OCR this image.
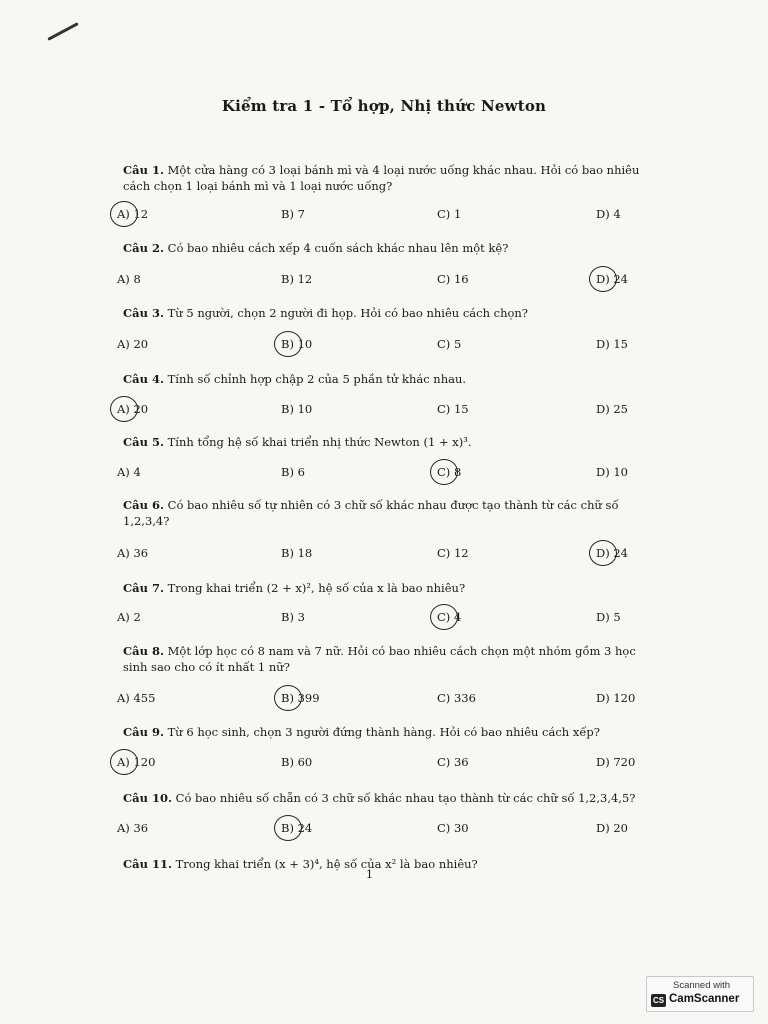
Kiểm tra 1 - Tổ hợp, Nhị thức Newton
Câu 1. Một cửa hàng có 3 loại bánh mì và 4 loại nước uống khác nhau. Hỏi có bao nhiêu cách chọn 1 loại bánh mì và 1 loại nước uống?
A) 12	B) 7	C) 1	D) 4
Câu 2. Có bao nhiêu cách xếp 4 cuốn sách khác nhau lên một kệ?
A) 8	B) 12	C) 16	D) 24
Câu 3. Từ 5 người, chọn 2 người đi họp. Hỏi có bao nhiêu cách chọn?
A) 20	B) 10	C) 5	D) 15
Câu 4. Tính số chỉnh hợp chập 2 của 5 phần tử khác nhau.
A) 20	B) 10	C) 15	D) 25
Câu 5. Tính tổng hệ số khai triển nhị thức Newton (1 + x)³.
A) 4	B) 6	C) 8	D) 10
Câu 6. Có bao nhiêu số tự nhiên có 3 chữ số khác nhau được tạo thành từ các chữ số 1,2,3,4?
A) 36	B) 18	C) 12	D) 24
Câu 7. Trong khai triển (2 + x)², hệ số của x là bao nhiêu?
A) 2	B) 3	C) 4	D) 5
Câu 8. Một lớp học có 8 nam và 7 nữ. Hỏi có bao nhiêu cách chọn một nhóm gồm 3 học sinh sao cho có ít nhất 1 nữ?
A) 455	B) 399	C) 336	D) 120
Câu 9. Từ 6 học sinh, chọn 3 người đứng thành hàng. Hỏi có bao nhiêu cách xếp?
A) 120	B) 60	C) 36	D) 720
Câu 10. Có bao nhiêu số chẵn có 3 chữ số khác nhau tạo thành từ các chữ số 1,2,3,4,5?
A) 36	B) 24	C) 30	D) 20
Câu 11. Trong khai triển (x + 3)⁴, hệ số của x² là bao nhiêu?
1
Scanned with
CS CamScanner
